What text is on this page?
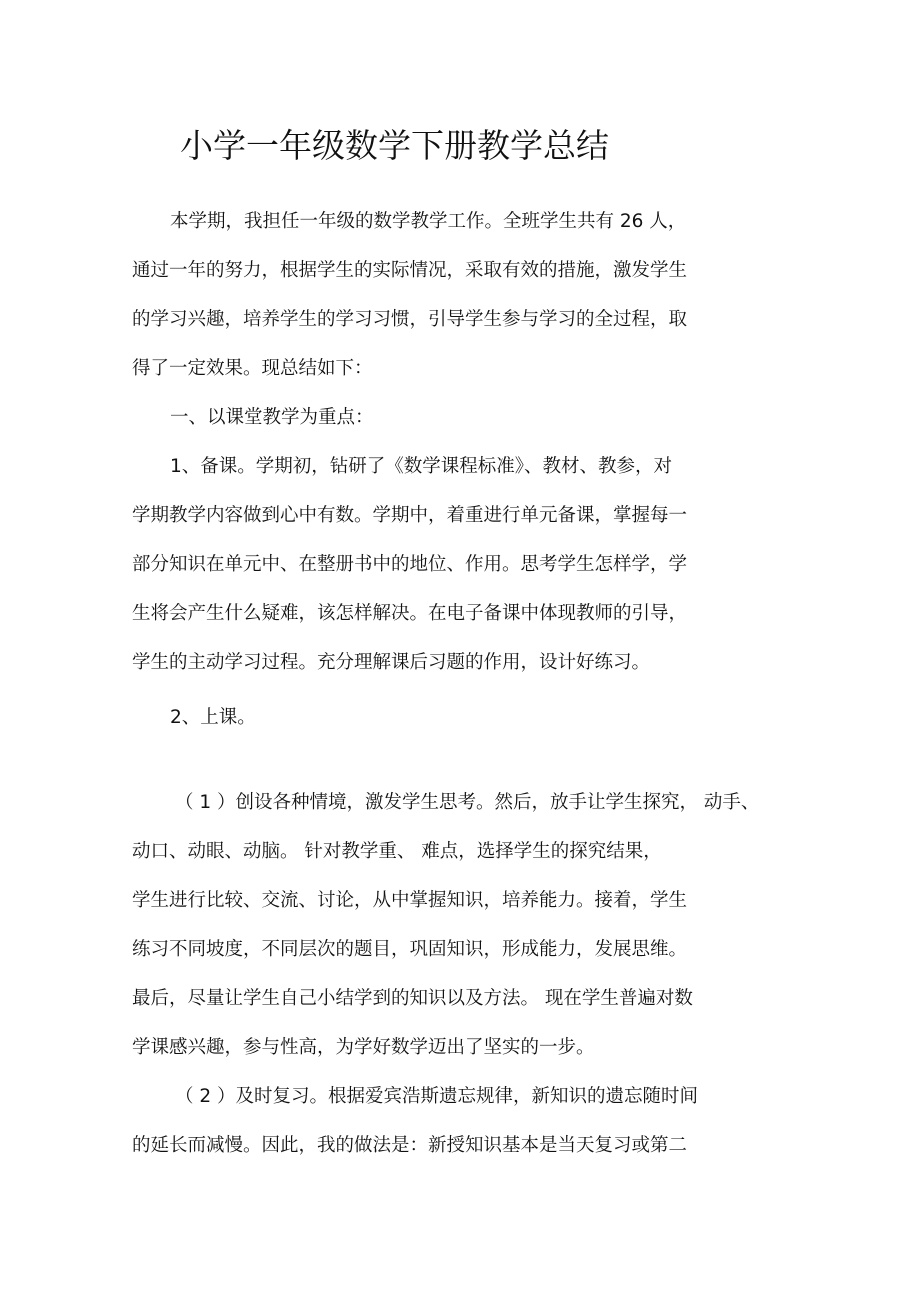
小学一年级数学下册教学总结
本学期，我担任一年级的数学教学工作。全班学生共有 26 人，
通过一年的努力，根据学生的实际情况，采取有效的措施，激发学生
的学习兴趣，培养学生的学习习惯，引导学生参与学习的全过程，取
得了一定效果。现总结如下：
一、以课堂教学为重点：
1、备课。学期初，钻研了《数学课程标准》、教材、教参，对
学期教学内容做到心中有数。学期中，着重进行单元备课，掌握每一
部分知识在单元中、在整册书中的地位、作用。思考学生怎样学，学
生将会产生什么疑难，该怎样解决。在电子备课中体现教师的引导，
学生的主动学习过程。充分理解课后习题的作用，设计好练习。
2、上课。
（ 1 ）创设各种情境，激发学生思考。然后，放手让学生探究， 动手、
动口、动眼、动脑。 针对教学重、 难点，选择学生的探究结果，
学生进行比较、交流、讨论，从中掌握知识，培养能力。接着，学生
练习不同坡度，不同层次的题目，巩固知识，形成能力，发展思维。
最后，尽量让学生自己小结学到的知识以及方法。 现在学生普遍对数
学课感兴趣，参与性高，为学好数学迈出了坚实的一步。
（ 2 ）及时复习。根据爱宾浩斯遗忘规律，新知识的遗忘随时间
的延长而减慢。因此，我的做法是：新授知识基本是当天复习或第二
